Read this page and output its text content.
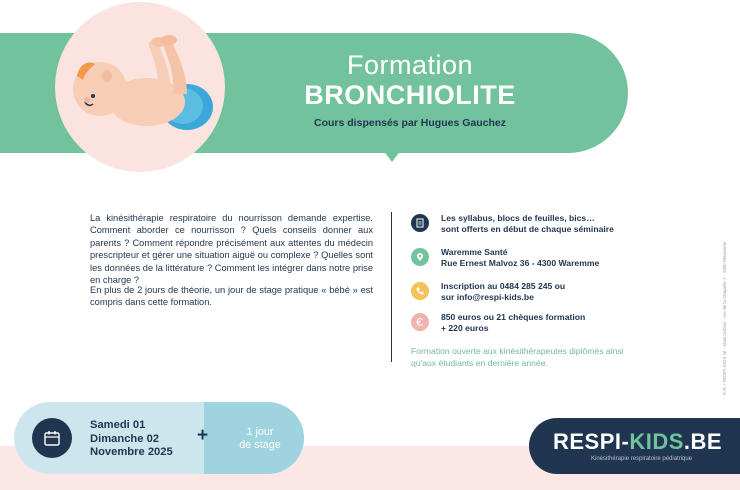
Formation
BRONCHIOLITE
Cours dispensés par Hugues Gauchez

La kinésithérapie respiratoire du nourrisson demande expertise. Comment aborder ce nourrisson ? Quels conseils donner aux parents ? Comment répondre précisément aux attentes du médecin prescripteur et gérer une situation aiguë ou complexe ? Quelles sont les données de la littérature ? Comment les intégrer dans notre prise en charge ?

En plus de 2 jours de théorie, un jour de stage pratique « bébé » est compris dans cette formation.

Les syllabus, blocs de feuilles, bics…
sont offerts en début de chaque séminaire
Waremme Santé
Rue Ernest Malvoz 36 - 4300 Waremme
Inscription au 0484 285 245 ou
sur info@respi-kids.be
850 euros ou 21 chèques formation
+ 220 euros
Formation ouverte aux kinésithérapeutes diplômés ainsi qu'aux étudiants en dernière année.	É.R. • RESPI-KIDS srl - Alain Dubois - rue de la Chapelle 7 - 4300 Waremme
Samedi 01
Dimanche 02
Novembre 2025
+	1 jour
de stage	RESPI-KIDS.BE
Kinésithérapie respiratoire pédiatrique
